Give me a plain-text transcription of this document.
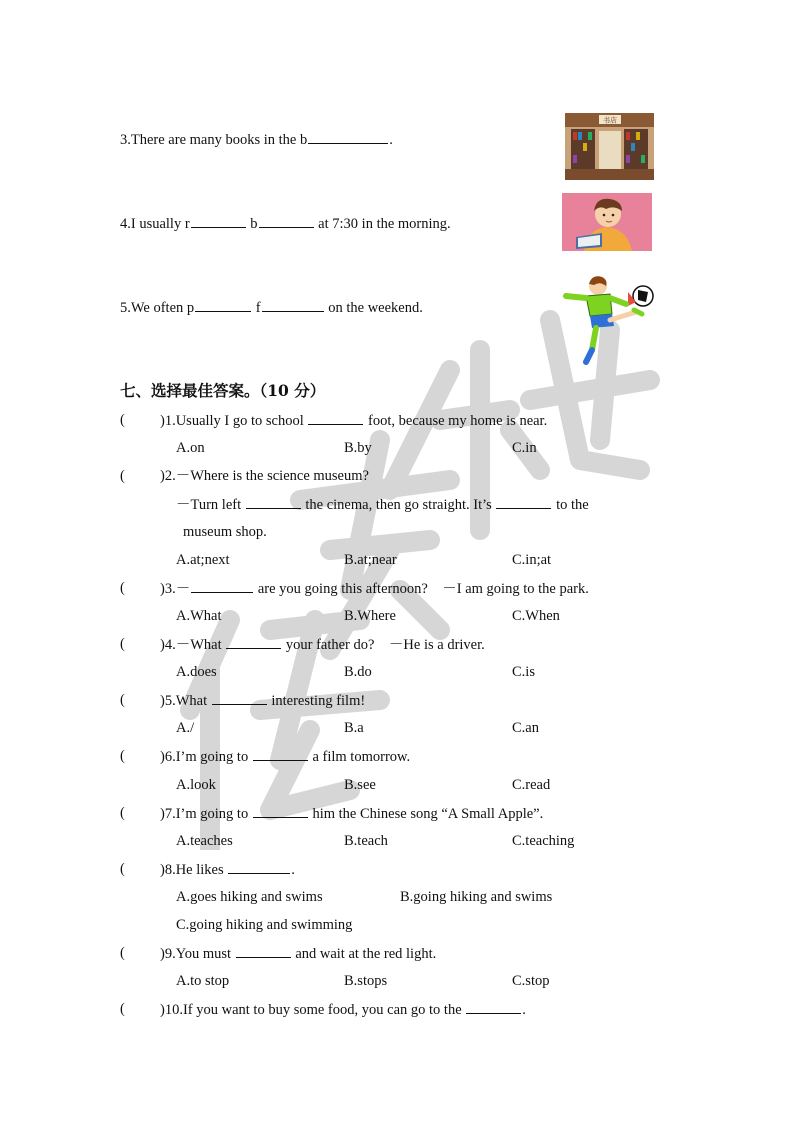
3.There are many books in the b	.
书店
4.I usually r	b	at 7:30 in the morning.
5.We often p	f	on the weekend.
七、选择最佳答案。（10 分）
( )1.Usually I go to school	foot, because my home is near.
A.on	B.by	C.in
( )2.－Where is the science museum?
－Turn left	the cinema, then go straight. It’s	to the
museum shop.
A.at;next	B.at;near	C.in;at
( )3.－	are you going this afternoon?　－I am going to the park.
A.What	B.Where	C.When
( )4.－What	your father do?　－He is a driver.
A.does	B.do	C.is
( )5.What	interesting film!
A./	B.a	C.an
( )6.I’m going to	a film tomorrow.
A.look	B.see	C.read
( )7.I’m going to	him the Chinese song “A Small Apple”.
A.teaches	B.teach	C.teaching
( )8.He likes	.
A.goes hiking and swims	B.going hiking and swims
C.going hiking and swimming
( )9.You must	and wait at the red light.
A.to stop	B.stops	C.stop
( )10.If you want to buy some food, you can go to the	.
